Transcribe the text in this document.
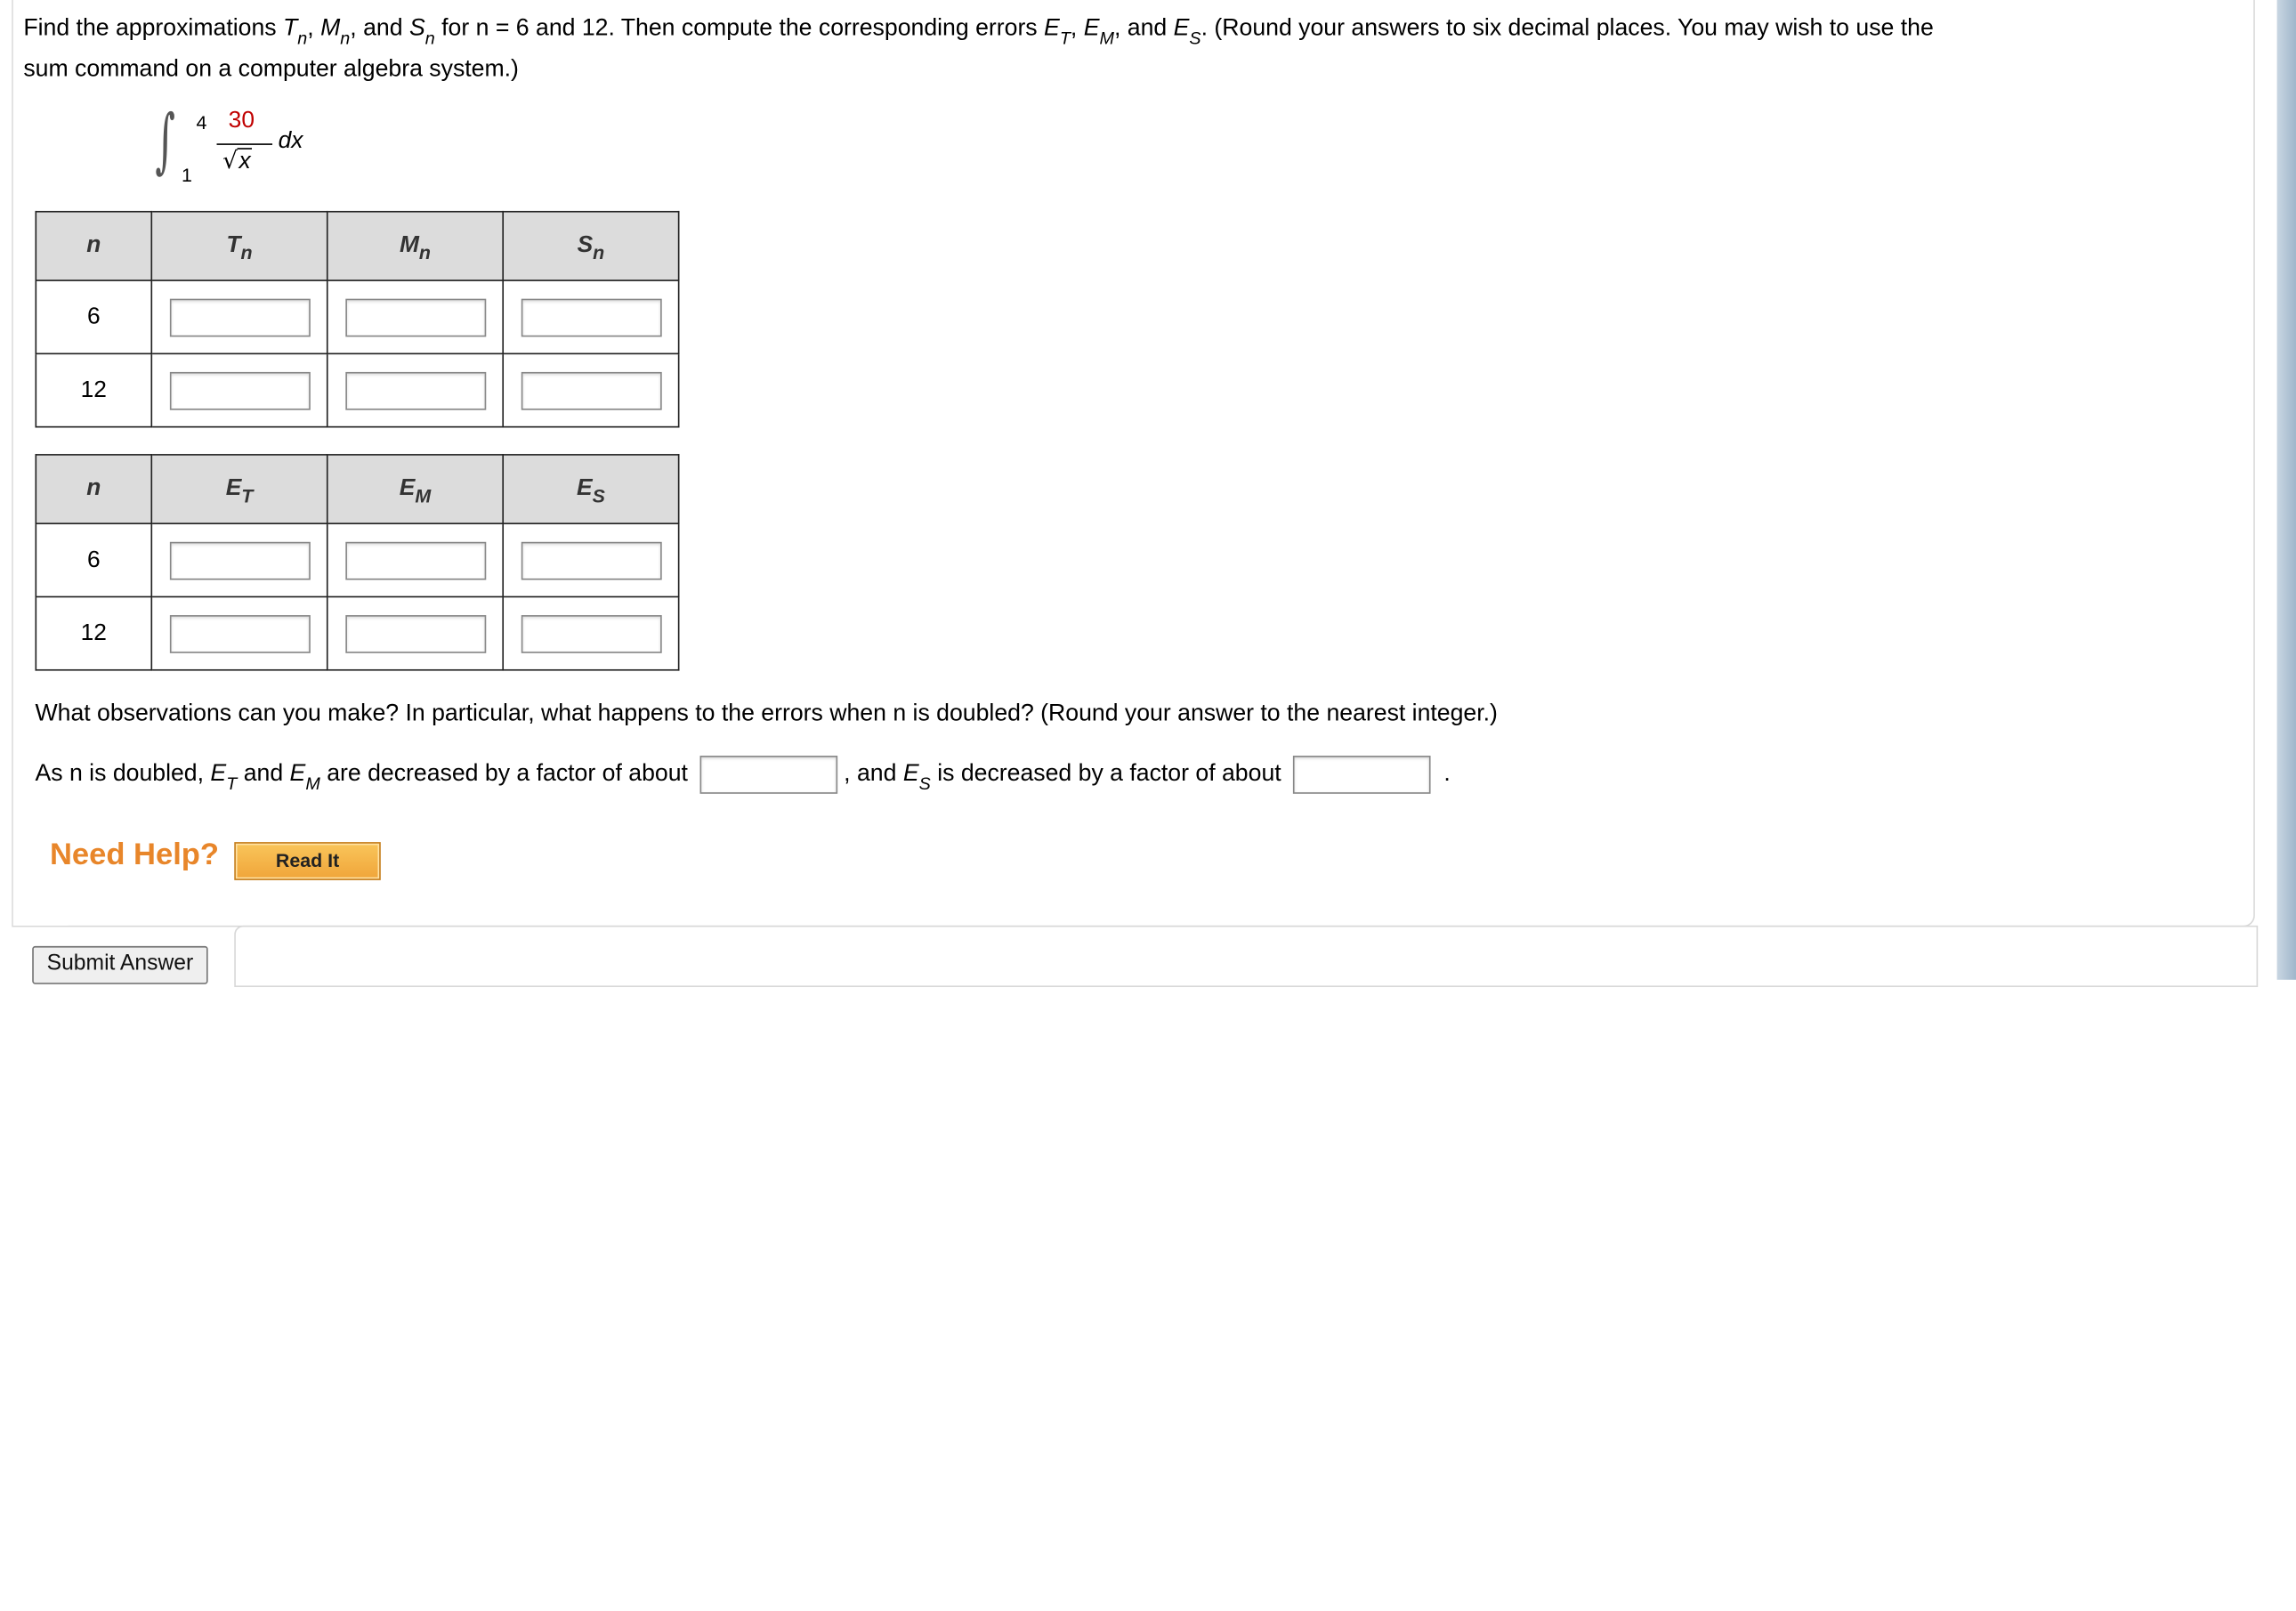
Find the approximations $T_n$, $M_n$, and $S_n$ for n = 6 and 12. Then compute the corresponding errors $E_T$, $E_M$, and $E_S$. (Round your answers to six decimal places. You may wish to use the
sum command on a computer algebra system.)
∫ 4
1
30
√ x
dx
n	$T_n$	$M_n$	$S_n$
6			
12			
n	$E_T$	$E_M$	$E_S$
6			
12			
What observations can you make? In particular, what happens to the errors when n is doubled? (Round your answer to the nearest integer.)
As n is doubled, $E_T$ and $E_M$ are decreased by a factor of about	, and $E_S$ is decreased by a factor of about	.
Need Help?	Read It
Submit Answer
